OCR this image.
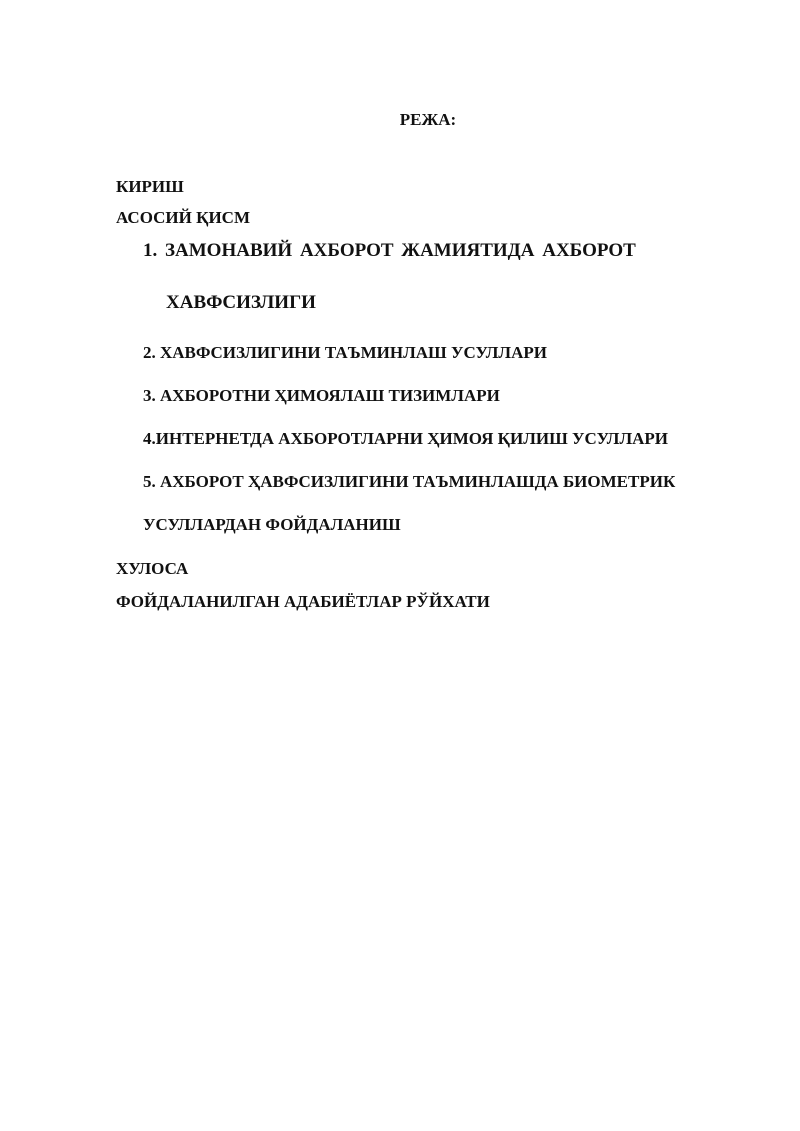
РЕЖА:
КИРИШ
АСОСИЙ ҚИСМ
1. ЗАМОНАВИЙ АХБОРОТ ЖАМИЯТИДА АХБОРОТ
ХАВФСИЗЛИГИ
2. ХАВФСИЗЛИГИНИ ТАЪМИНЛАШ УСУЛЛАРИ
3. АХБОРОТНИ ҲИМОЯЛАШ ТИЗИМЛАРИ
4.ИНТЕРНЕТДА АХБОРОТЛАРНИ ҲИМОЯ ҚИЛИШ УСУЛЛАРИ
5. АХБОРОТ ҲАВФСИЗЛИГИНИ ТАЪМИНЛАШДА БИОМЕТРИК
УСУЛЛАРДАН ФОЙДАЛАНИШ
ХУЛОСА
ФОЙДАЛАНИЛГАН АДАБИЁТЛАР РЎЙХАТИ
